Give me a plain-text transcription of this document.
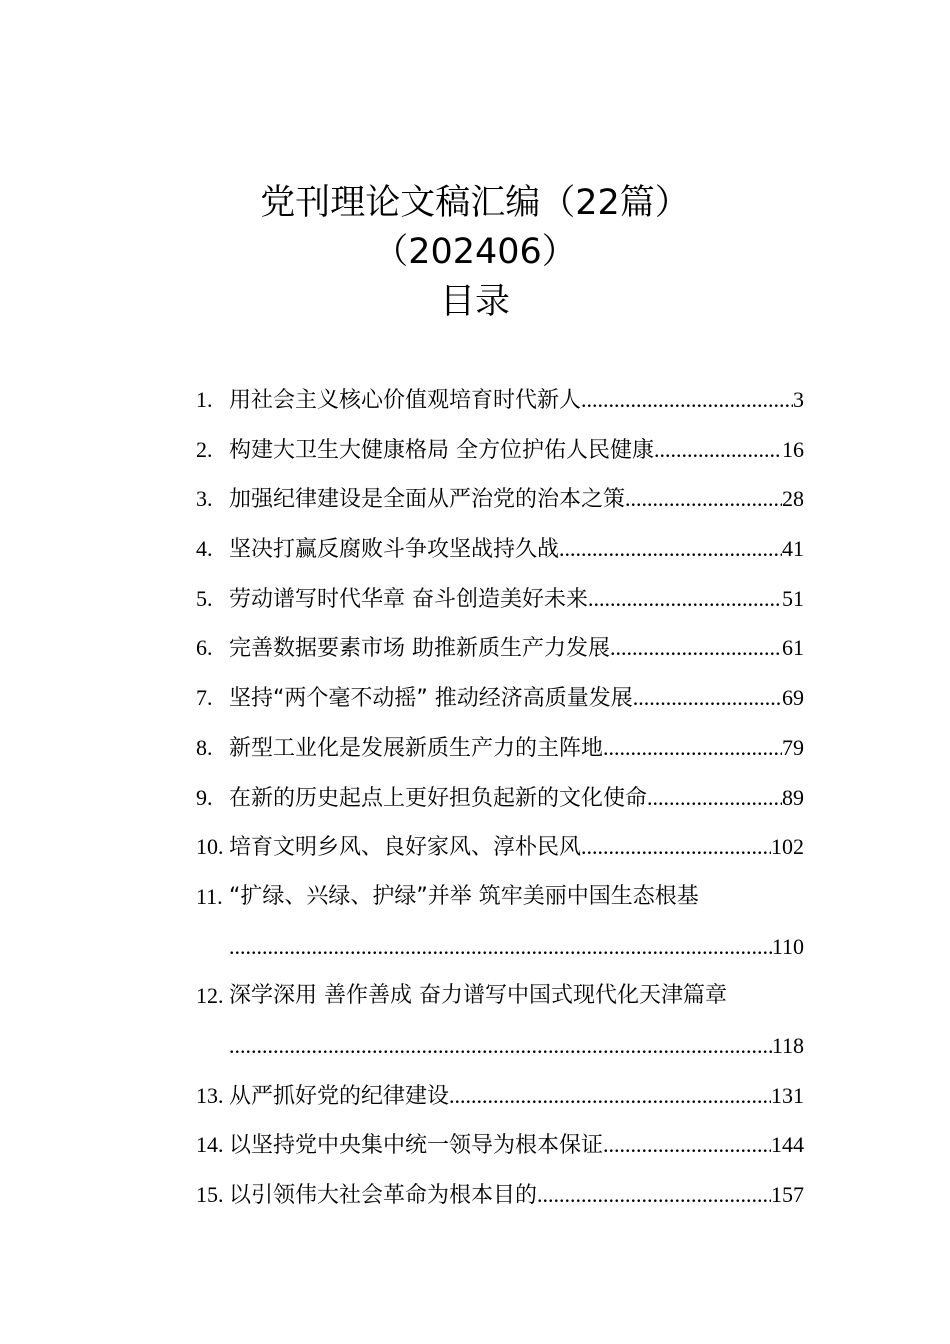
党刊理论文稿汇编（22篇）
（202406）
目录
1. 用社会主义核心价值观培育时代新人 .....	3
2. 构建大卫生大健康格局 全方位护佑人民健康 .....	16
3. 加强纪律建设是全面从严治党的治本之策 .....	28
4. 坚决打赢反腐败斗争攻坚战持久战 .....	41
5. 劳动谱写时代华章 奋斗创造美好未来 .....	51
6. 完善数据要素市场 助推新质生产力发展 .....	61
7. 坚持“两个毫不动摇” 推动经济高质量发展 .....	69
8. 新型工业化是发展新质生产力的主阵地 .....	79
9. 在新的历史起点上更好担负起新的文化使命 .....	89
10. 培育文明乡风、良好家风、淳朴民风 .....	102
11. “扩绿、兴绿、护绿”并举 筑牢美丽中国生态根基
.....
110
12. 深学深用 善作善成 奋力谱写中国式现代化天津篇章
.....
118
13. 从严抓好党的纪律建设 .....	131
14. 以坚持党中央集中统一领导为根本保证 .....	144
15. 以引领伟大社会革命为根本目的 .....	157
